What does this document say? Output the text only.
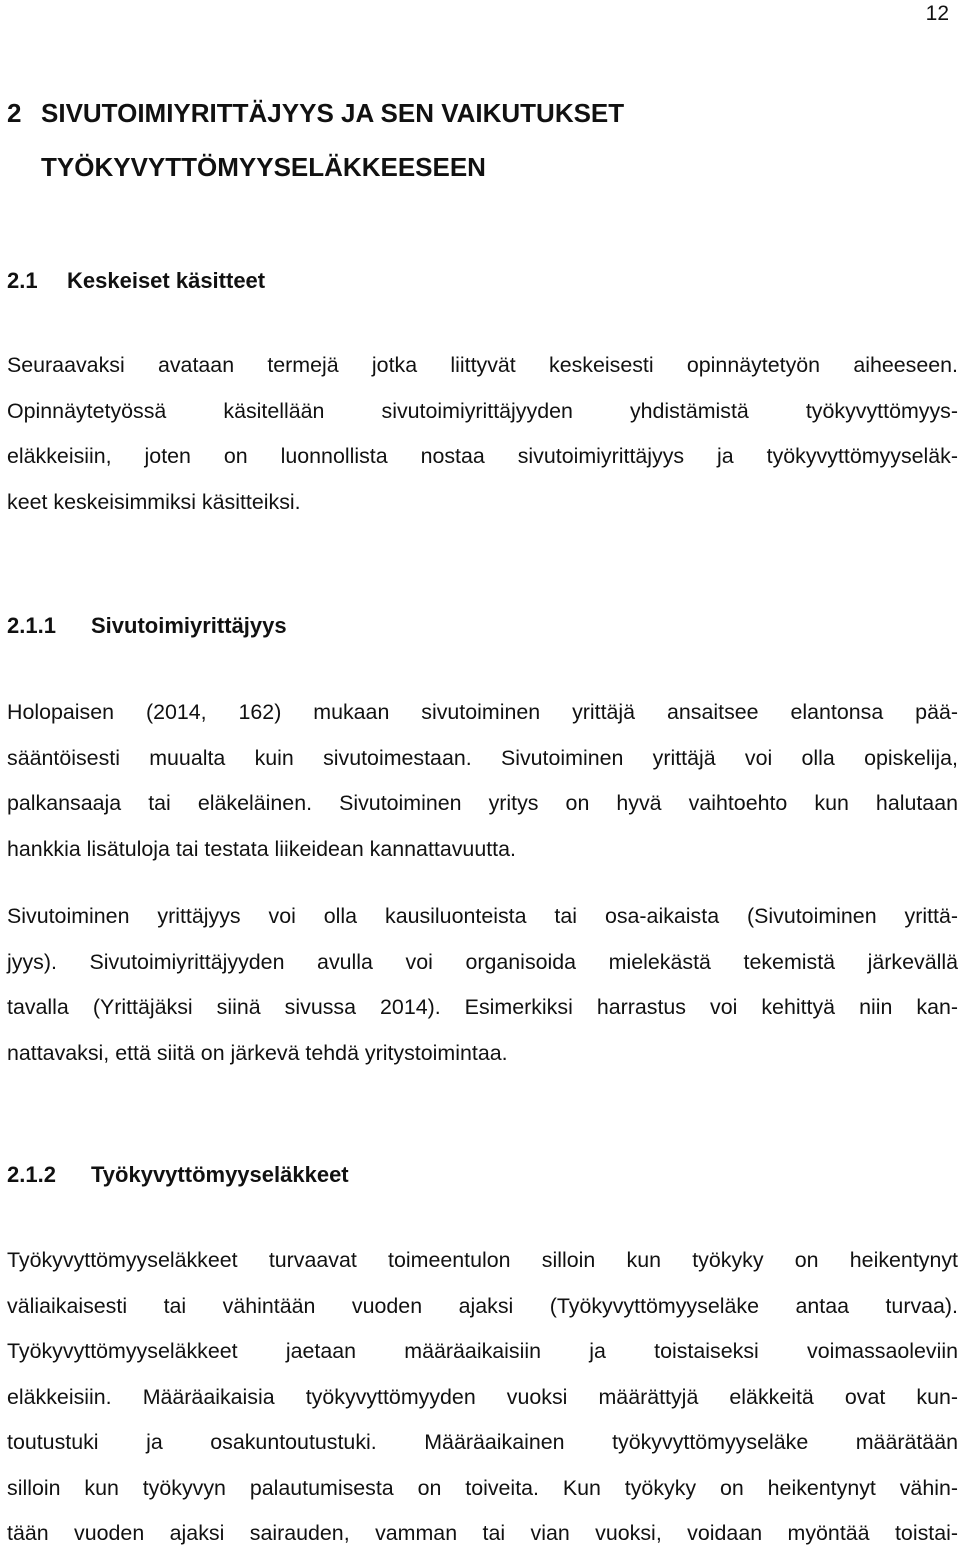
12
2 SIVUTOIMIYRITTÄJYYS JA SEN VAIKUTUKSET
TYÖKYVYTTÖMYYSELÄKKEESEEN
2.1 Keskeiset käsitteet

Seuraavaksi avataan termejä jotka liittyvät keskeisesti opinnäytetyön aiheeseen.
Opinnäytetyössä käsitellään sivutoimiyrittäjyyden yhdistämistä työkyvyttömyys-
eläkkeisiin, joten on luonnollista nostaa sivutoimiyrittäjyys ja työkyvyttömyyseläk-
keet keskeisimmiksi käsitteiksi.

2.1.1 Sivutoimiyrittäjyys

Holopaisen (2014, 162) mukaan sivutoiminen yrittäjä ansaitsee elantonsa pää-
sääntöisesti muualta kuin sivutoimestaan. Sivutoiminen yrittäjä voi olla opiskelija,
palkansaaja tai eläkeläinen. Sivutoiminen yritys on hyvä vaihtoehto kun halutaan
hankkia lisätuloja tai testata liikeidean kannattavuutta.

Sivutoiminen yrittäjyys voi olla kausiluonteista tai osa-aikaista (Sivutoiminen yrittä-
jyys). Sivutoimiyrittäjyyden avulla voi organisoida mielekästä tekemistä järkevällä
tavalla (Yrittäjäksi siinä sivussa 2014). Esimerkiksi harrastus voi kehittyä niin kan-
nattavaksi, että siitä on järkevä tehdä yritystoimintaa.

2.1.2 Työkyvyttömyyseläkkeet

Työkyvyttömyyseläkkeet turvaavat toimeentulon silloin kun työkyky on heikentynyt
väliaikaisesti tai vähintään vuoden ajaksi (Työkyvyttömyyseläke antaa turvaa).
Työkyvyttömyyseläkkeet jaetaan määräaikaisiin ja toistaiseksi voimassaoleviin
eläkkeisiin. Määräaikaisia työkyvyttömyyden vuoksi määrättyjä eläkkeitä ovat kun-
toutustuki ja osakuntoutustuki. Määräaikainen työkyvyttömyyseläke määrätään
silloin kun työkyvyn palautumisesta on toiveita. Kun työkyky on heikentynyt vähin-
tään vuoden ajaksi sairauden, vamman tai vian vuoksi, voidaan myöntää toistai-
